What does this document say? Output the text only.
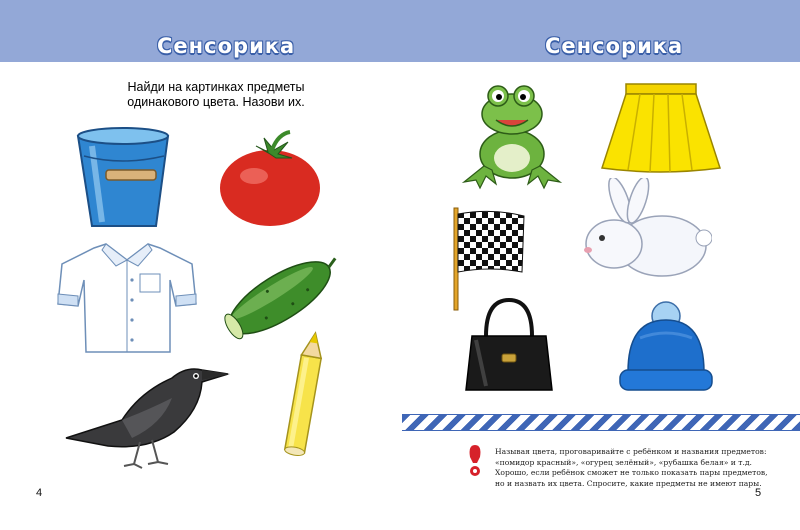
Сенсорика
Найди на картинках предметы
одинакового цвета. Назови их.
4
Сенсорика
Называя цвета, проговаривайте с ребёнком и названия предметов:
«помидор красный», «огурец зелёный», «рубашка белая» и т.д.
Хорошо, если ребёнок сможет не только показать пары предметов,
но и назвать их цвета. Спросите, какие предметы не имеют пары.
5
